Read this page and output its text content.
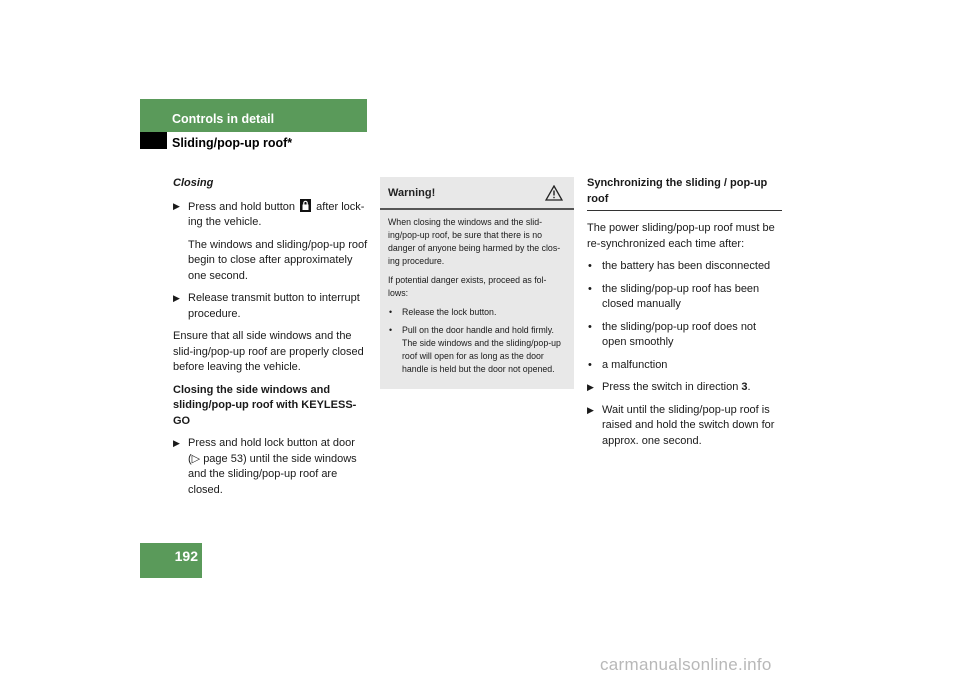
Controls in detail
Sliding/pop-up roof*
Closing
▶ Press and hold button
after lock-ing the vehicle.
The windows and sliding/pop-up roof begin to close after approximately one second.
▶ Release transmit button to interrupt procedure.
Ensure that all side windows and the slid-ing/pop-up roof are properly closed before leaving the vehicle.
Closing the side windows and sliding/pop-up roof with KEYLESS-GO
▶ Press and hold lock button at door (▷ page 53) until the side windows and the sliding/pop-up roof are closed.
Warning!
When closing the windows and the slid-ing/pop-up roof, be sure that there is no danger of anyone being harmed by the clos-ing procedure.
If potential danger exists, proceed as fol-lows:
• Release the lock button.
• Pull on the door handle and hold firmly. The side windows and the sliding/pop-up roof will open for as long as the door handle is held but the door not opened.
Synchronizing the sliding / pop-up roof
The power sliding/pop-up roof must be re-synchronized each time after:
• the battery has been disconnected
• the sliding/pop-up roof has been closed manually
• the sliding/pop-up roof does not open smoothly
• a malfunction
▶ Press the switch in direction 3.
▶ Wait until the sliding/pop-up roof is raised and hold the switch down for approx. one second.
192
carmanualsonline.info
